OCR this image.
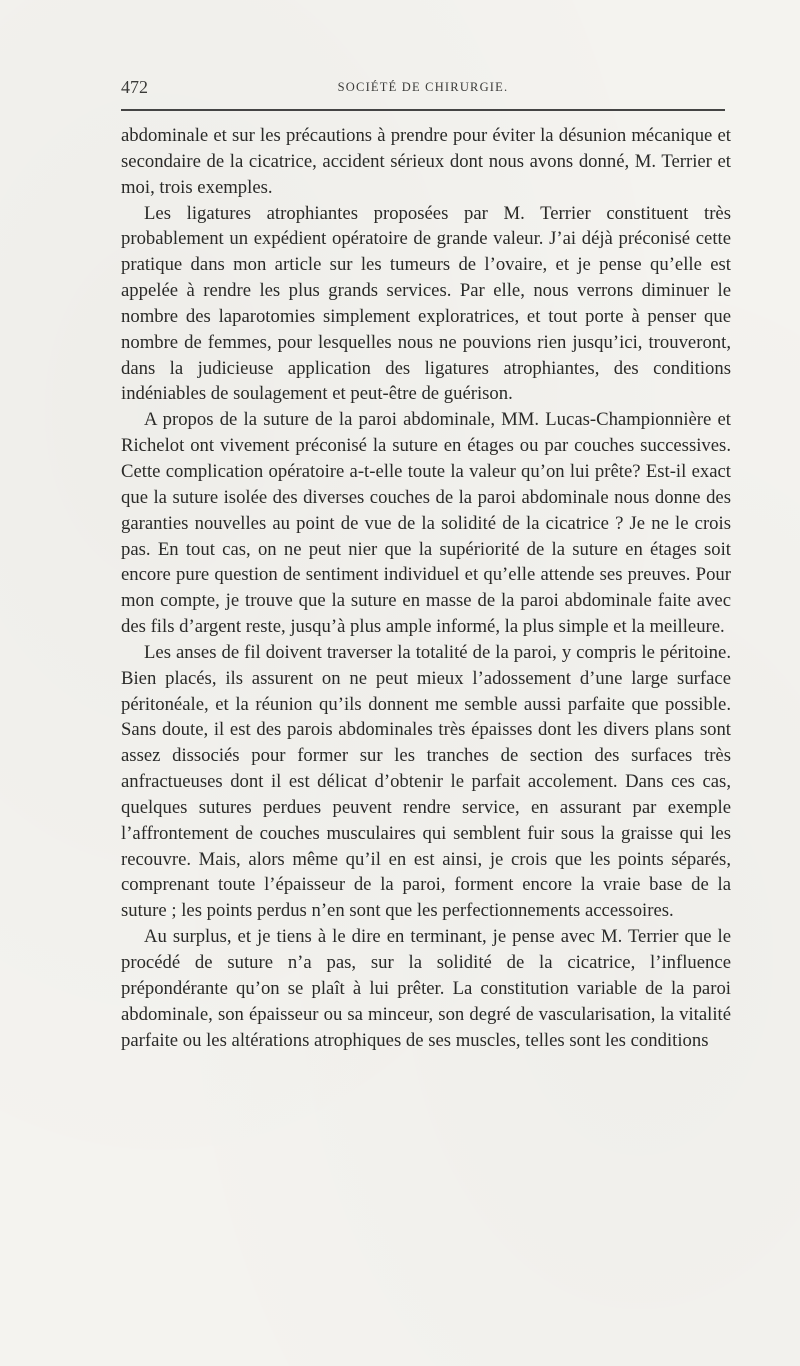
472	SOCIÉTÉ DE CHIRURGIE.

abdominale et sur les précautions à prendre pour éviter la désunion mécanique et secondaire de la cicatrice, accident sérieux dont nous avons donné, M. Terrier et moi, trois exemples.

Les ligatures atrophiantes proposées par M. Terrier constituent très probablement un expédient opératoire de grande valeur. J’ai déjà préconisé cette pratique dans mon article sur les tumeurs de l’ovaire, et je pense qu’elle est appelée à rendre les plus grands services. Par elle, nous verrons diminuer le nombre des laparotomies simplement exploratrices, et tout porte à penser que nombre de femmes, pour lesquelles nous ne pouvions rien jusqu’ici, trouveront, dans la judicieuse application des ligatures atrophiantes, des conditions indéniables de soulagement et peut-être de guérison.

A propos de la suture de la paroi abdominale, MM. Lucas-Championnière et Richelot ont vivement préconisé la suture en étages ou par couches successives. Cette complication opératoire a-t-elle toute la valeur qu’on lui prête? Est-il exact que la suture isolée des diverses couches de la paroi abdominale nous donne des garanties nouvelles au point de vue de la solidité de la cicatrice ? Je ne le crois pas. En tout cas, on ne peut nier que la supériorité de la suture en étages soit encore pure question de sentiment individuel et qu’elle attende ses preuves. Pour mon compte, je trouve que la suture en masse de la paroi abdominale faite avec des fils d’argent reste, jusqu’à plus ample informé, la plus simple et la meilleure.

Les anses de fil doivent traverser la totalité de la paroi, y compris le péritoine. Bien placés, ils assurent on ne peut mieux l’adossement d’une large surface péritonéale, et la réunion qu’ils donnent me semble aussi parfaite que possible. Sans doute, il est des parois abdominales très épaisses dont les divers plans sont assez dissociés pour former sur les tranches de section des surfaces très anfractueuses dont il est délicat d’obtenir le parfait accolement. Dans ces cas, quelques sutures perdues peuvent rendre service, en assurant par exemple l’affrontement de couches musculaires qui semblent fuir sous la graisse qui les recouvre. Mais, alors même qu’il en est ainsi, je crois que les points séparés, comprenant toute l’épaisseur de la paroi, forment encore la vraie base de la suture ; les points perdus n’en sont que les perfectionnements accessoires.

Au surplus, et je tiens à le dire en terminant, je pense avec M. Terrier que le procédé de suture n’a pas, sur la solidité de la cicatrice, l’influence prépondérante qu’on se plaît à lui prêter. La constitution variable de la paroi abdominale, son épaisseur ou sa minceur, son degré de vascularisation, la vitalité parfaite ou les altérations atrophiques de ses muscles, telles sont les conditions
